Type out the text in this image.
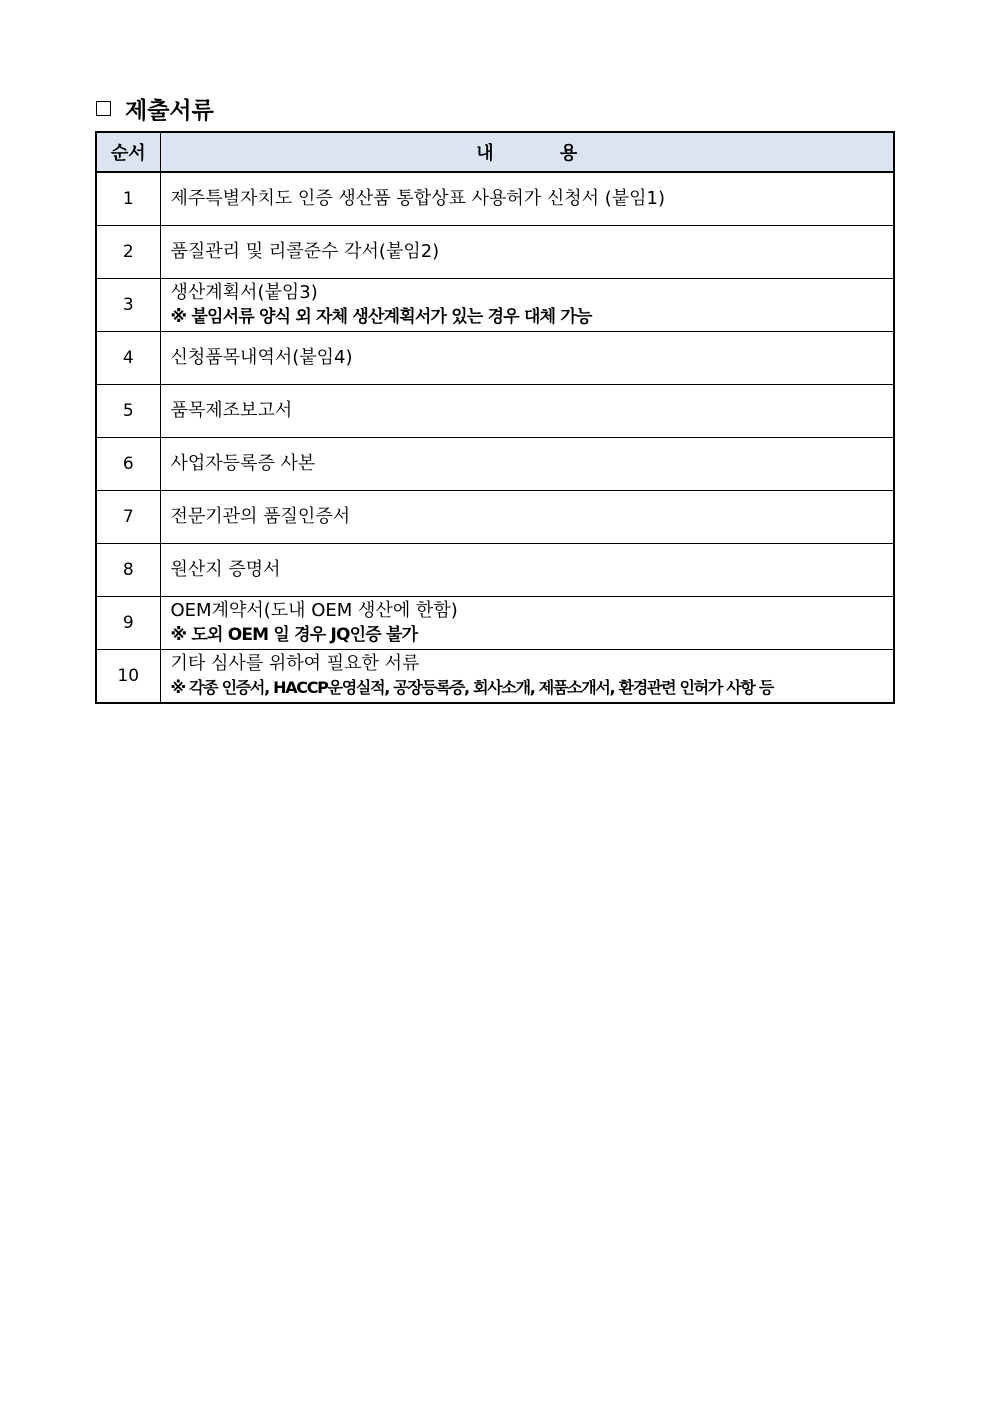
제출서류
순서	내 용
1	제주특별자치도 인증 생산품 통합상표 사용허가 신청서 (붙임1)

2	품질관리 및 리콜준수 각서(붙임2)

3	생산계획서(붙임3)
※ 붙임서류 양식 외 자체 생산계획서가 있는 경우 대체 가능

4	신청품목내역서(붙임4)

5	품목제조보고서

6	사업자등록증 사본

7	전문기관의 품질인증서

8	원산지 증명서

9	OEM계약서(도내 OEM 생산에 한함)
※ 도외 OEM 일 경우 JQ인증 불가

10	기타 심사를 위하여 필요한 서류
※ 각종 인증서, HACCP운영실적, 공장등록증, 회사소개, 제품소개서, 환경관련 인허가 사항 등
